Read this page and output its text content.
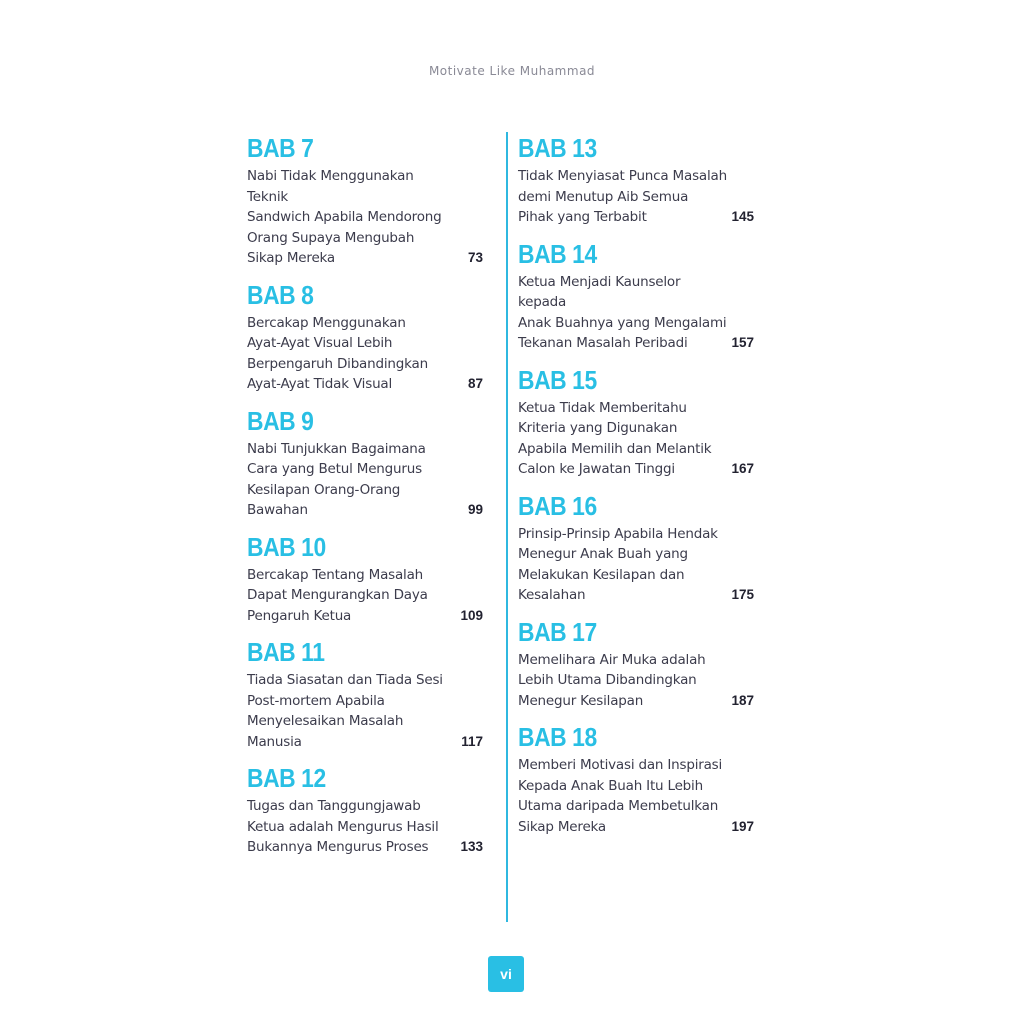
Motivate Like Muhammad
BAB 7
Nabi Tidak Menggunakan Teknik
Sandwich Apabila Mendorong
Orang Supaya Mengubah
Sikap Mereka	73
BAB 8
Bercakap Menggunakan
Ayat-Ayat Visual Lebih
Berpengaruh Dibandingkan
Ayat-Ayat Tidak Visual	87
BAB 9
Nabi Tunjukkan Bagaimana
Cara yang Betul Mengurus
Kesilapan Orang-Orang
Bawahan	99
BAB 10
Bercakap Tentang Masalah
Dapat Mengurangkan Daya
Pengaruh Ketua	109
BAB 11
Tiada Siasatan dan Tiada Sesi
Post-mortem Apabila
Menyelesaikan Masalah
Manusia	117
BAB 12
Tugas dan Tanggungjawab
Ketua adalah Mengurus Hasil
Bukannya Mengurus Proses	133
BAB 13
Tidak Menyiasat Punca Masalah
demi Menutup Aib Semua
Pihak yang Terbabit	145
BAB 14
Ketua Menjadi Kaunselor kepada
Anak Buahnya yang Mengalami
Tekanan Masalah Peribadi	157
BAB 15
Ketua Tidak Memberitahu
Kriteria yang Digunakan
Apabila Memilih dan Melantik
Calon ke Jawatan Tinggi	167
BAB 16
Prinsip-Prinsip Apabila Hendak
Menegur Anak Buah yang
Melakukan Kesilapan dan
Kesalahan	175
BAB 17
Memelihara Air Muka adalah
Lebih Utama Dibandingkan
Menegur Kesilapan	187
BAB 18
Memberi Motivasi dan Inspirasi
Kepada Anak Buah Itu Lebih
Utama daripada Membetulkan
Sikap Mereka	197
vi
